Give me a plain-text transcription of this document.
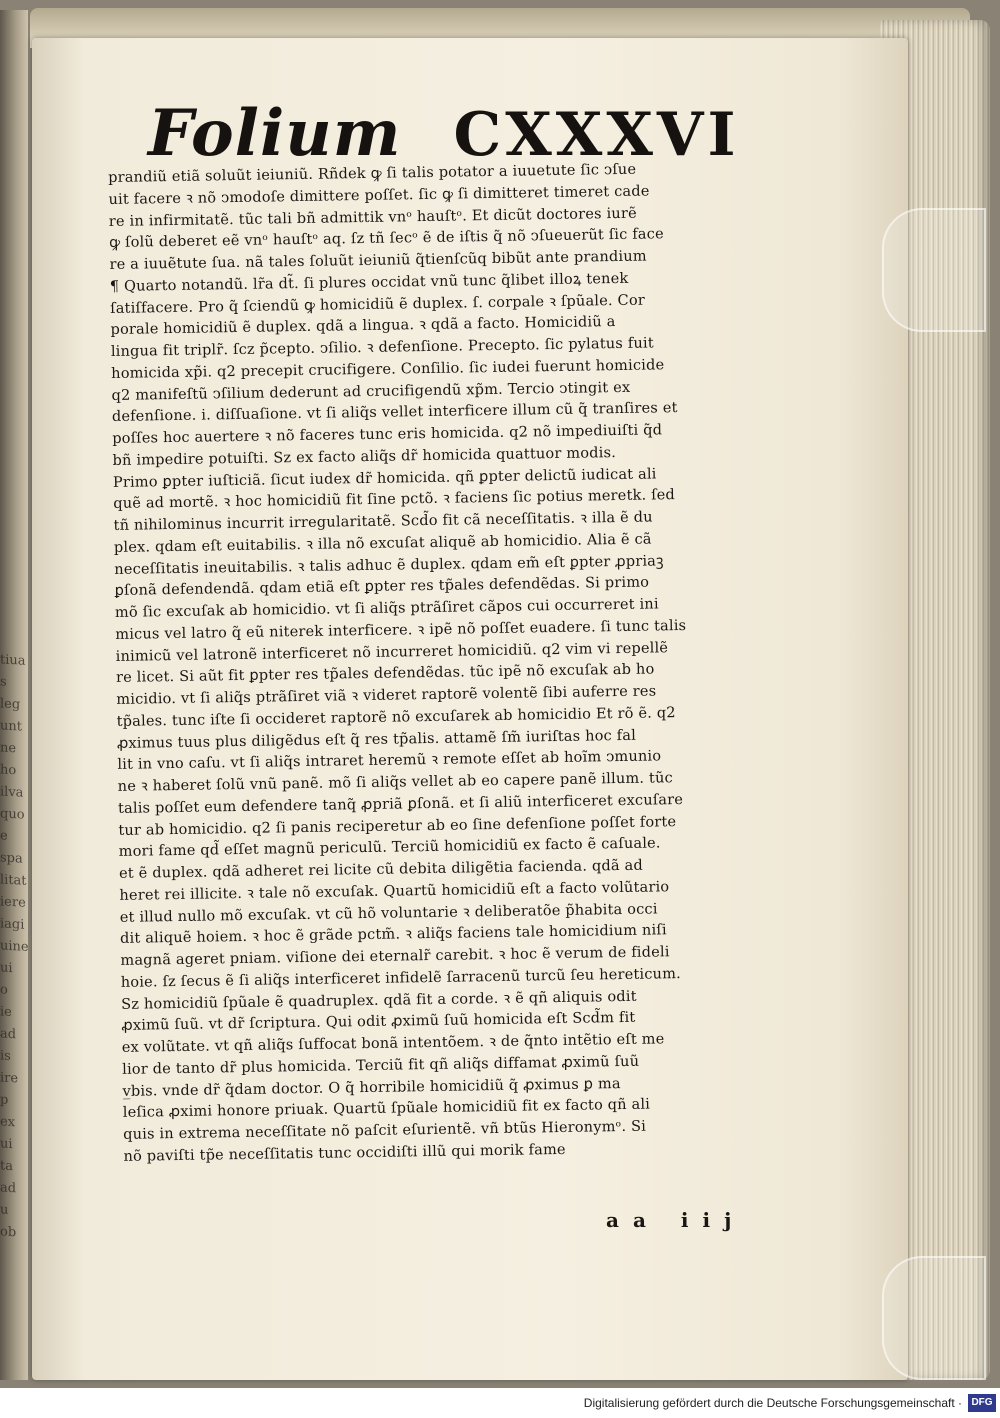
tiua
s leg
unt
ne ho
ilva
quo
e spa
litat
iere
iagi
uine
ui
o
ie ad
is
ire
p
ex
ui
ta
ad
u
ob
Folium CXXXVI
prandiũ etiã soluũt ieiuniũ. Rñdek ꝙ ſi talis potator a iuuetute ſic ↄſue
uit facere ꝛ nõ ↄmodoſe dimittere poſſet. ſic ꝙ ſi dimitteret timeret cade
re in infirmitatẽ. tũc tali bñ admittik vnᵒ hauſtᵒ. Et dicũt doctores iurẽ
ꝙ ſolũ deberet eẽ vnᵒ hauſtᵒ aq. ſz tñ ſecᵒ ẽ de iſtis q̃ nõ ↄſueuerũt ſic face
re a iuuẽtute ſua. nã tales ſoluũt ieiuniũ q̃tienſcũq bibũt ante prandium
¶ Quarto notandũ. lr̃a dt̃. ſi plures occidat vnũ tunc q̃libet illoꝝ tenek
ſatiſfacere. Pro q̃ ſciendũ ꝙ homicidiũ ẽ duplex. ſ. corpale ꝛ ſpũale. Cor
porale homicidiũ ẽ duplex. qdã a lingua. ꝛ qdã a facto. Homicidiũ a
lingua fit triplr̃. ſcz p̃cepto. ↄſilio. ꝛ defenſione. Precepto. ſic pylatus fuit
homicida xp̃i. q2 precepit crucifigere. Conſilio. ſic iudei fuerunt homicide
q2 manifeſtũ ↄſilium dederunt ad crucifigendũ xp̃m. Tercio ↄtingit ex
defenſione. i. diſſuaſione. vt ſi aliq̃s vellet interficere illum cũ q̃ tranſires et
poſſes hoc auertere ꝛ nõ faceres tunc eris homicida. q2 nõ impediuiſti q̃d
bñ impedire potuiſti. Sz ex facto aliq̃s dr̃ homicida quattuor modis.
Primo ꝑpter iuſticiã. ſicut iudex dr̃ homicida. qñ ꝑpter delictũ iudicat ali
quẽ ad mortẽ. ꝛ hoc homicidiũ fit ſine pctõ. ꝛ faciens ſic potius meretk. ſed
tñ nihilominus incurrit irregularitatẽ. Scd̃o fit cã neceſſitatis. ꝛ illa ẽ du
plex. qdam eſt euitabilis. ꝛ illa nõ excuſat aliquẽ ab homicidio. Alia ẽ cã
neceſſitatis ineuitabilis. ꝛ talis adhuc ẽ duplex. qdam em̃ eſt ꝑpter ꝓpriaꝫ
ꝑſonã defendendã. qdam etiã eſt ꝑpter res tp̃ales defendẽdas. Si primo
mõ ſic excuſak ab homicidio. vt ſi aliq̃s ptrãſiret cãpos cui occurreret ini
micus vel latro q̃ eũ niterek interficere. ꝛ ipẽ nõ poſſet euadere. ſi tunc talis
inimicũ vel latronẽ interficeret nõ incurreret homicidiũ. q2 vim vi repellẽ
re licet. Si aũt fit ꝑpter res tp̃ales defendẽdas. tũc ipẽ nõ excuſak ab ho
micidio. vt ſi aliq̃s ptrãſiret viã ꝛ videret raptorẽ volentẽ ſibi auferre res
tp̃ales. tunc iſte ſi occideret raptorẽ nõ excuſarek ab homicidio Et rõ ẽ. q2
ꝓximus tuus plus diligẽdus eſt q̃ res tp̃alis. attamẽ ſm̃ iuriſtas hoc fal
lit in vno caſu. vt ſi aliq̃s intraret heremũ ꝛ remote eſſet ab hoĩm ↄmunio
ne ꝛ haberet ſolũ vnũ panẽ. mõ ſi aliq̃s vellet ab eo capere panẽ illum. tũc
talis poſſet eum defendere tanq̃ ꝓpriã ꝑſonã. et ſi aliũ interficeret excuſare
tur ab homicidio. q2 ſi panis reciperetur ab eo ſine defenſione poſſet forte
mori fame qd̃ eſſet magnũ periculũ. Terciũ homicidiũ ex facto ẽ caſuale.
et ẽ duplex. qdã adheret rei licite cũ debita diligẽtia facienda. qdã ad
heret rei illicite. ꝛ tale nõ excuſak. Quartũ homicidiũ eſt a facto volũtario
et illud nullo mõ excuſak. vt cũ hõ voluntarie ꝛ deliberatõe p̃habita occi
dit aliquẽ hoiem. ꝛ hoc ẽ grãde pctm̃. ꝛ aliq̃s faciens tale homicidium niſi
magnã ageret pniam. viſione dei eternalr̃ carebit. ꝛ hoc ẽ verum de fideli
hoie. ſz ſecus ẽ ſi aliq̃s interficeret infidelẽ ſarracenũ turcũ ſeu hereticum.
Sz homicidiũ ſpũale ẽ quadruplex. qdã fit a corde. ꝛ ẽ qñ aliquis odit
ꝓximũ ſuũ. vt dr̃ ſcriptura. Qui odit ꝓximũ ſuũ homicida eſt Scd̃m fit
ex volũtate. vt qñ aliq̃s ſuffocat bonã intentõem. ꝛ de q̃nto intẽtio eſt me
lior de tanto dr̃ plus homicida. Terciũ fit qñ aliq̃s diffamat ꝓximũ ſuũ
v̲bis. vnde dr̃ q̃dam doctor. O q̃ horribile homicidiũ q̃ ꝓximus ꝑ ma
leſica ꝓximi honore priuak. Quartũ ſpũale homicidiũ fit ex facto qñ ali
quis in extrema neceſſitate nõ paſcit eſurientẽ. vñ btũs Hieronymᵒ. Si
nõ paviſti tp̃e neceſſitatis tunc occidiſti illũ qui morik fame
aa iij
Digitalisierung gefördert durch die Deutsche Forschungsgemeinschaft · DFG
